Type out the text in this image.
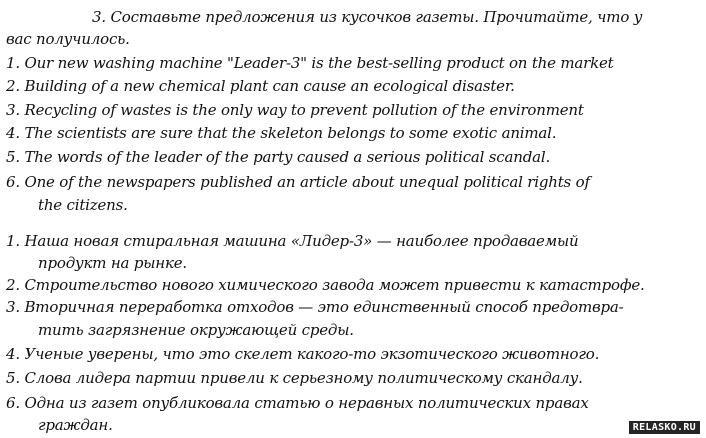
3. Составьте предложения из кусочков газеты. Прочитайте, что у
вас получилось.
1. Our new washing machine "Leader-3" is the best-selling product on the market
2. Building of a new chemical plant can cause an ecological disaster.
3. Recycling of wastes is the only way to prevent pollution of the environment
4. The scientists are sure that the skeleton belongs to some exotic animal.
5. The words of the leader of the party caused a serious political scandal.
6. One of the newspapers published an article about unequal political rights of
the citizens.
1. Наша новая стиральная машина «Лидер-3» — наиболее продаваемый
продукт на рынке.
2. Строительство нового химического завода может привести к катастрофе.
3. Вторичная переработка отходов — это единственный способ предотвра-
тить загрязнение окружающей среды.
4. Ученые уверены, что это скелет какого-то экзотического животного.
5. Слова лидера партии привели к серьезному политическому скандалу.
6. Одна из газет опубликовала статью о неравных политических правах
граждан.	RELASKO.RU
